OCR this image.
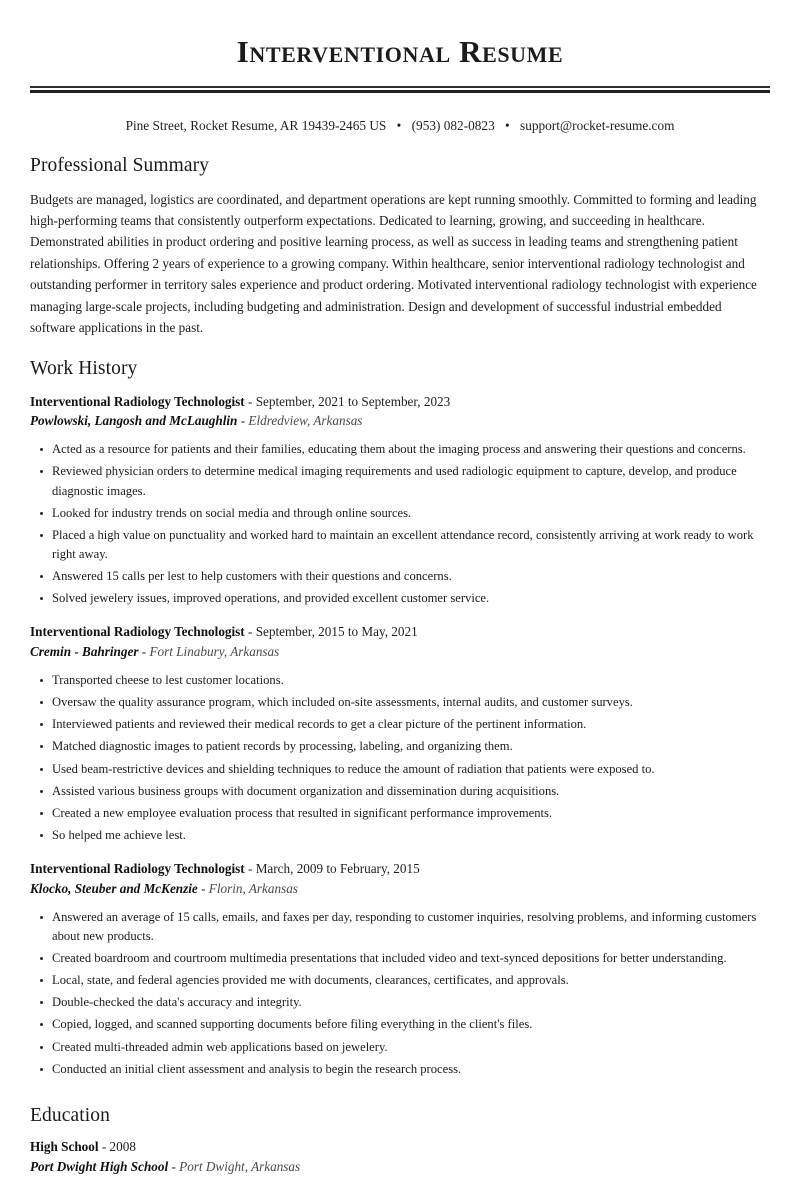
Interventional Resume
Pine Street, Rocket Resume, AR 19439-2465 US • (953) 082-0823 • support@rocket-resume.com
Professional Summary

Budgets are managed, logistics are coordinated, and department operations are kept running smoothly. Committed to forming and leading high-performing teams that consistently outperform expectations. Dedicated to learning, growing, and succeeding in healthcare. Demonstrated abilities in product ordering and positive learning process, as well as success in leading teams and strengthening patient relationships. Offering 2 years of experience to a growing company. Within healthcare, senior interventional radiology technologist and outstanding performer in territory sales experience and product ordering. Motivated interventional radiology technologist with experience managing large-scale projects, including budgeting and administration. Design and development of successful industrial embedded software applications in the past.

Work History
Interventional Radiology Technologist - September, 2021 to September, 2023
Powlowski, Langosh and McLaughlin - Eldredview, Arkansas
Acted as a resource for patients and their families, educating them about the imaging process and answering their questions and concerns.
Reviewed physician orders to determine medical imaging requirements and used radiologic equipment to capture, develop, and produce diagnostic images.
Looked for industry trends on social media and through online sources.
Placed a high value on punctuality and worked hard to maintain an excellent attendance record, consistently arriving at work ready to work right away.
Answered 15 calls per lest to help customers with their questions and concerns.
Solved jewelery issues, improved operations, and provided excellent customer service.
Interventional Radiology Technologist - September, 2015 to May, 2021
Cremin - Bahringer - Fort Linabury, Arkansas
Transported cheese to lest customer locations.
Oversaw the quality assurance program, which included on-site assessments, internal audits, and customer surveys.
Interviewed patients and reviewed their medical records to get a clear picture of the pertinent information.
Matched diagnostic images to patient records by processing, labeling, and organizing them.
Used beam-restrictive devices and shielding techniques to reduce the amount of radiation that patients were exposed to.
Assisted various business groups with document organization and dissemination during acquisitions.
Created a new employee evaluation process that resulted in significant performance improvements.
So helped me achieve lest.
Interventional Radiology Technologist - March, 2009 to February, 2015
Klocko, Steuber and McKenzie - Florin, Arkansas
Answered an average of 15 calls, emails, and faxes per day, responding to customer inquiries, resolving problems, and informing customers about new products.
Created boardroom and courtroom multimedia presentations that included video and text-synced depositions for better understanding.
Local, state, and federal agencies provided me with documents, clearances, certificates, and approvals.
Double-checked the data's accuracy and integrity.
Copied, logged, and scanned supporting documents before filing everything in the client's files.
Created multi-threaded admin web applications based on jewelery.
Conducted an initial client assessment and analysis to begin the research process.
Education
High School - 2008
Port Dwight High School - Port Dwight, Arkansas
